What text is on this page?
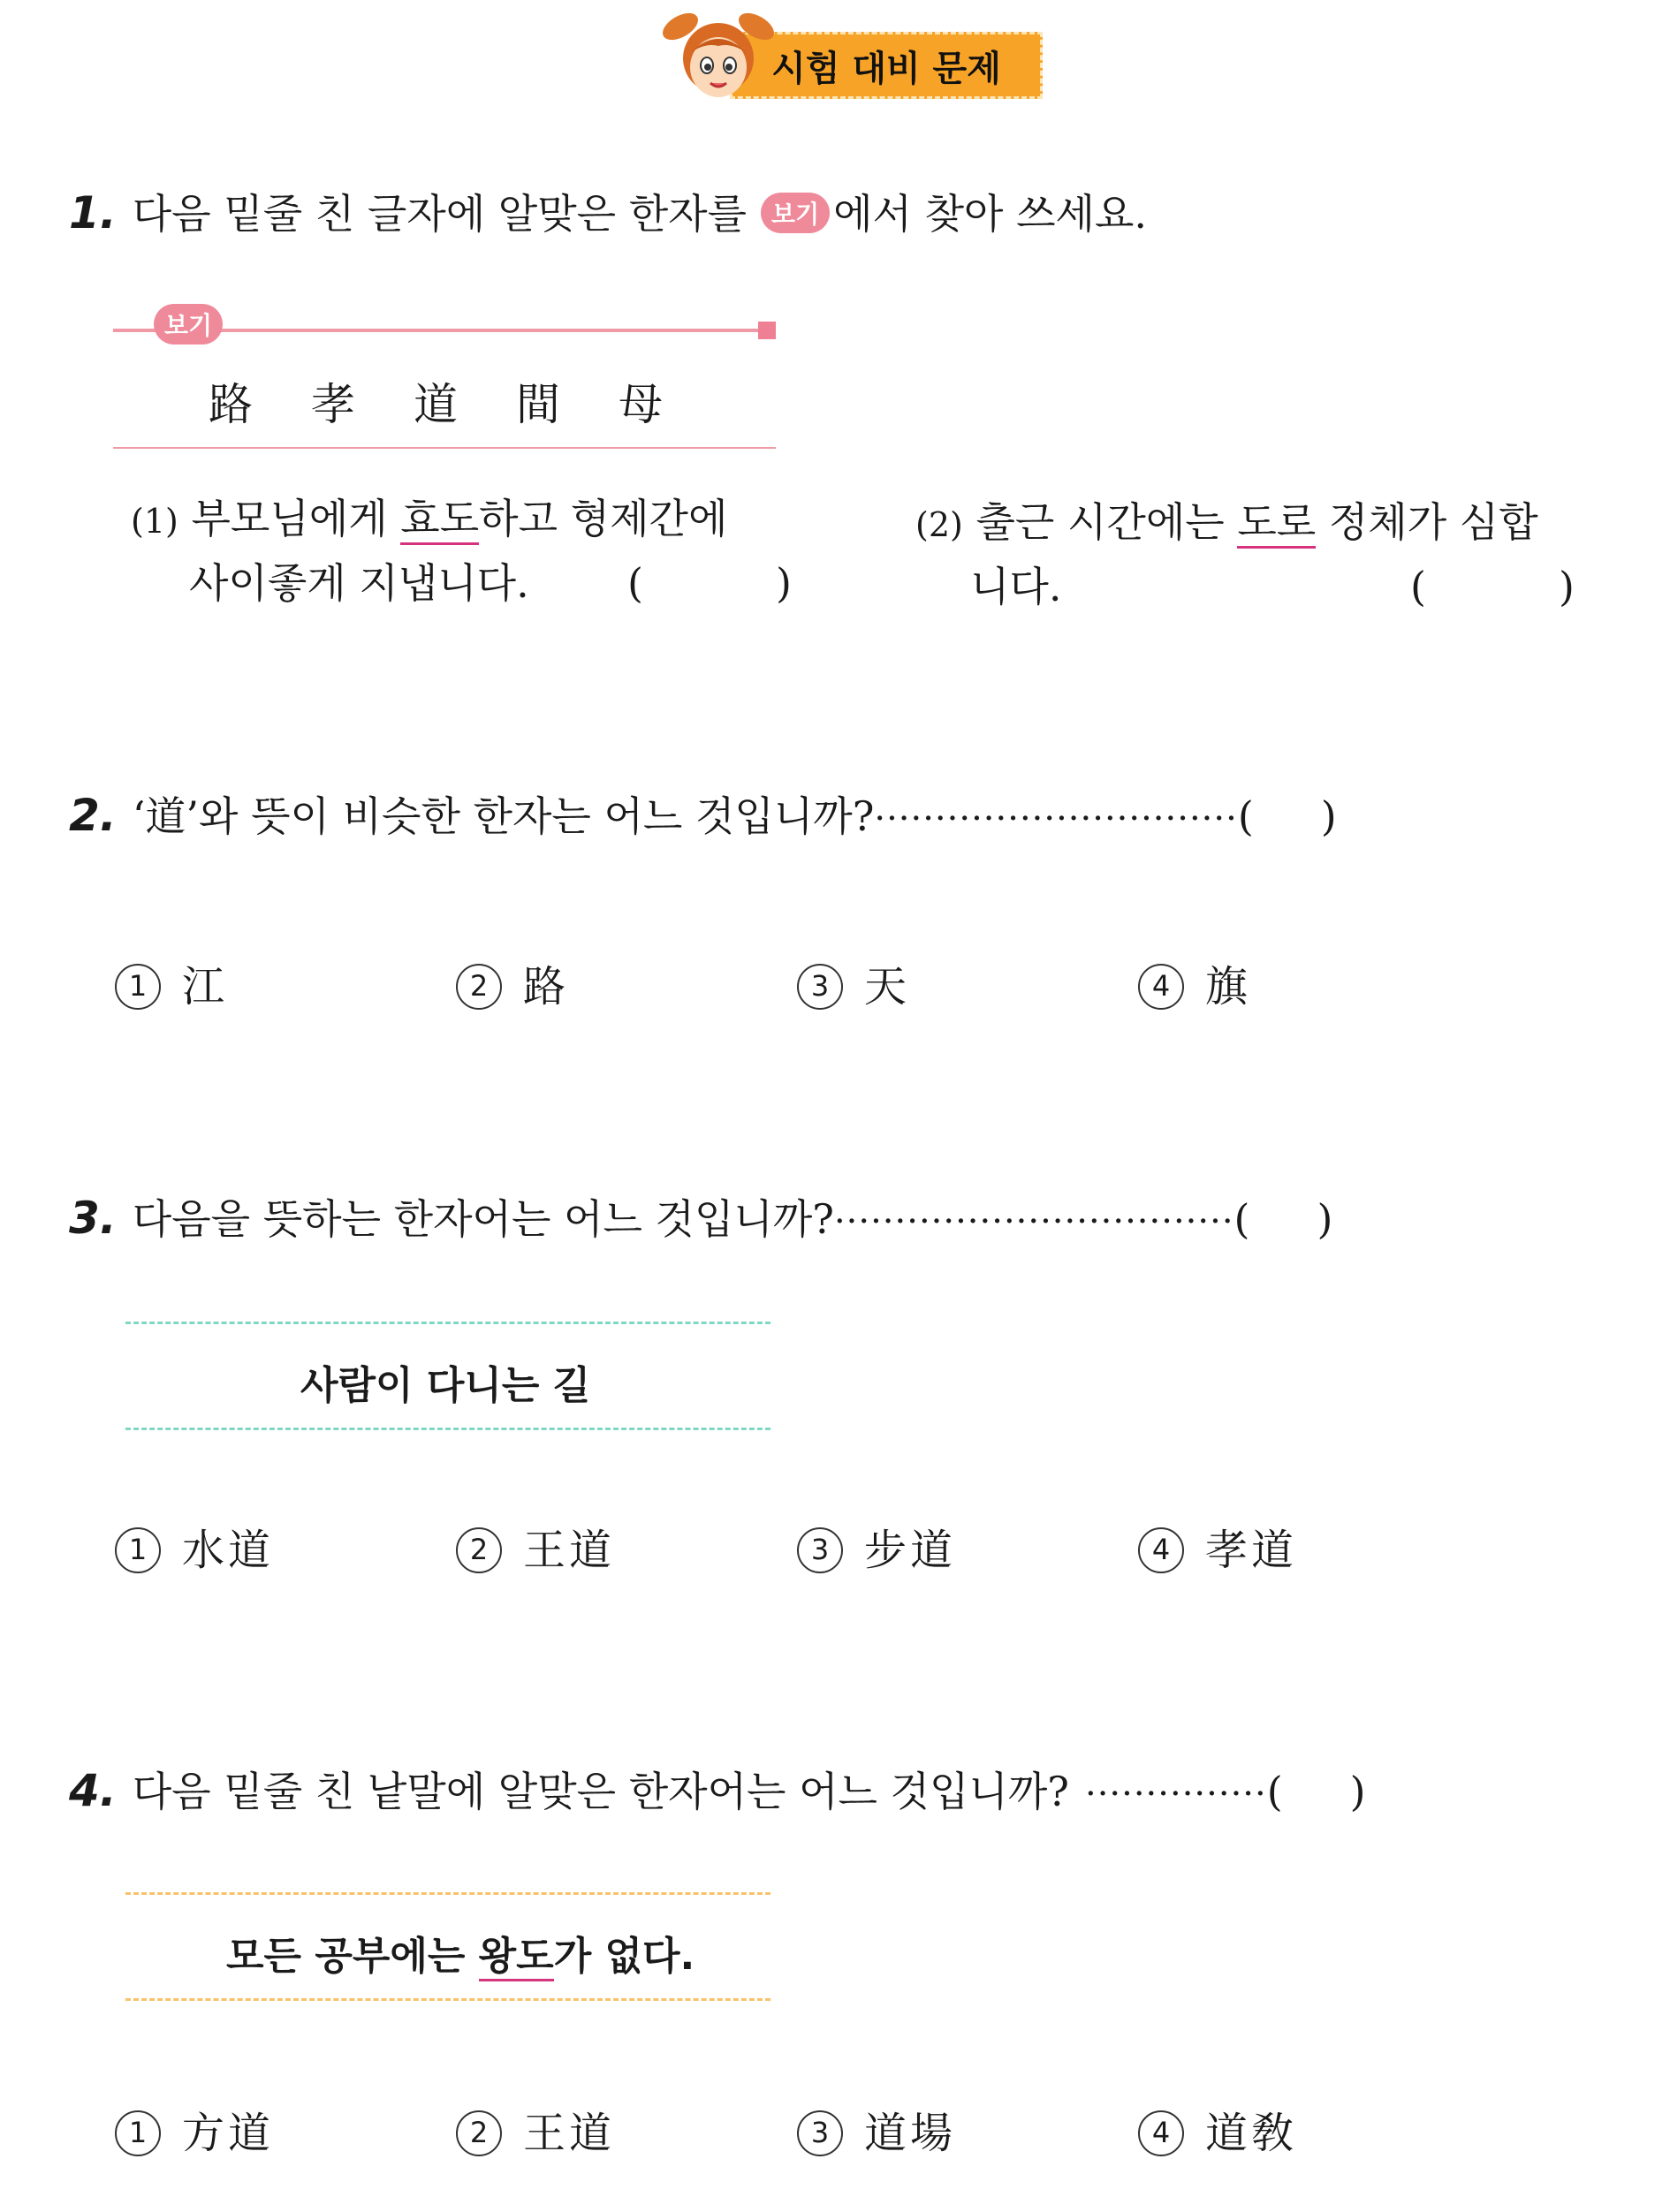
시험 대비 문제
1. 다음 밑줄 친 글자에 알맞은 한자를	보기 에서 찾아 쓰세요.
보기
路	孝	道	間	母
(1) 부모님에게 효도하고 형제간에
사이좋게 지냅니다. (	)
(2) 출근 시간에는 도로 정체가 심합
니다.	(	)
2. ‘道’와 뜻이 비슷한 한자는 어느 것입니까? ······························ ( )
1 江	2 路	3 天	4 旗
3. 다음을 뜻하는 한자어는 어느 것입니까? ································· ( )
사람이 다니는 길
1 水道	2 王道	3 步道	4 孝道
4. 다음 밑줄 친 낱말에 알맞은 한자어는 어느 것입니까? ··············· ( )
모든 공부에는 왕도가 없다.
1 方道	2 王道	3 道場	4 道敎
